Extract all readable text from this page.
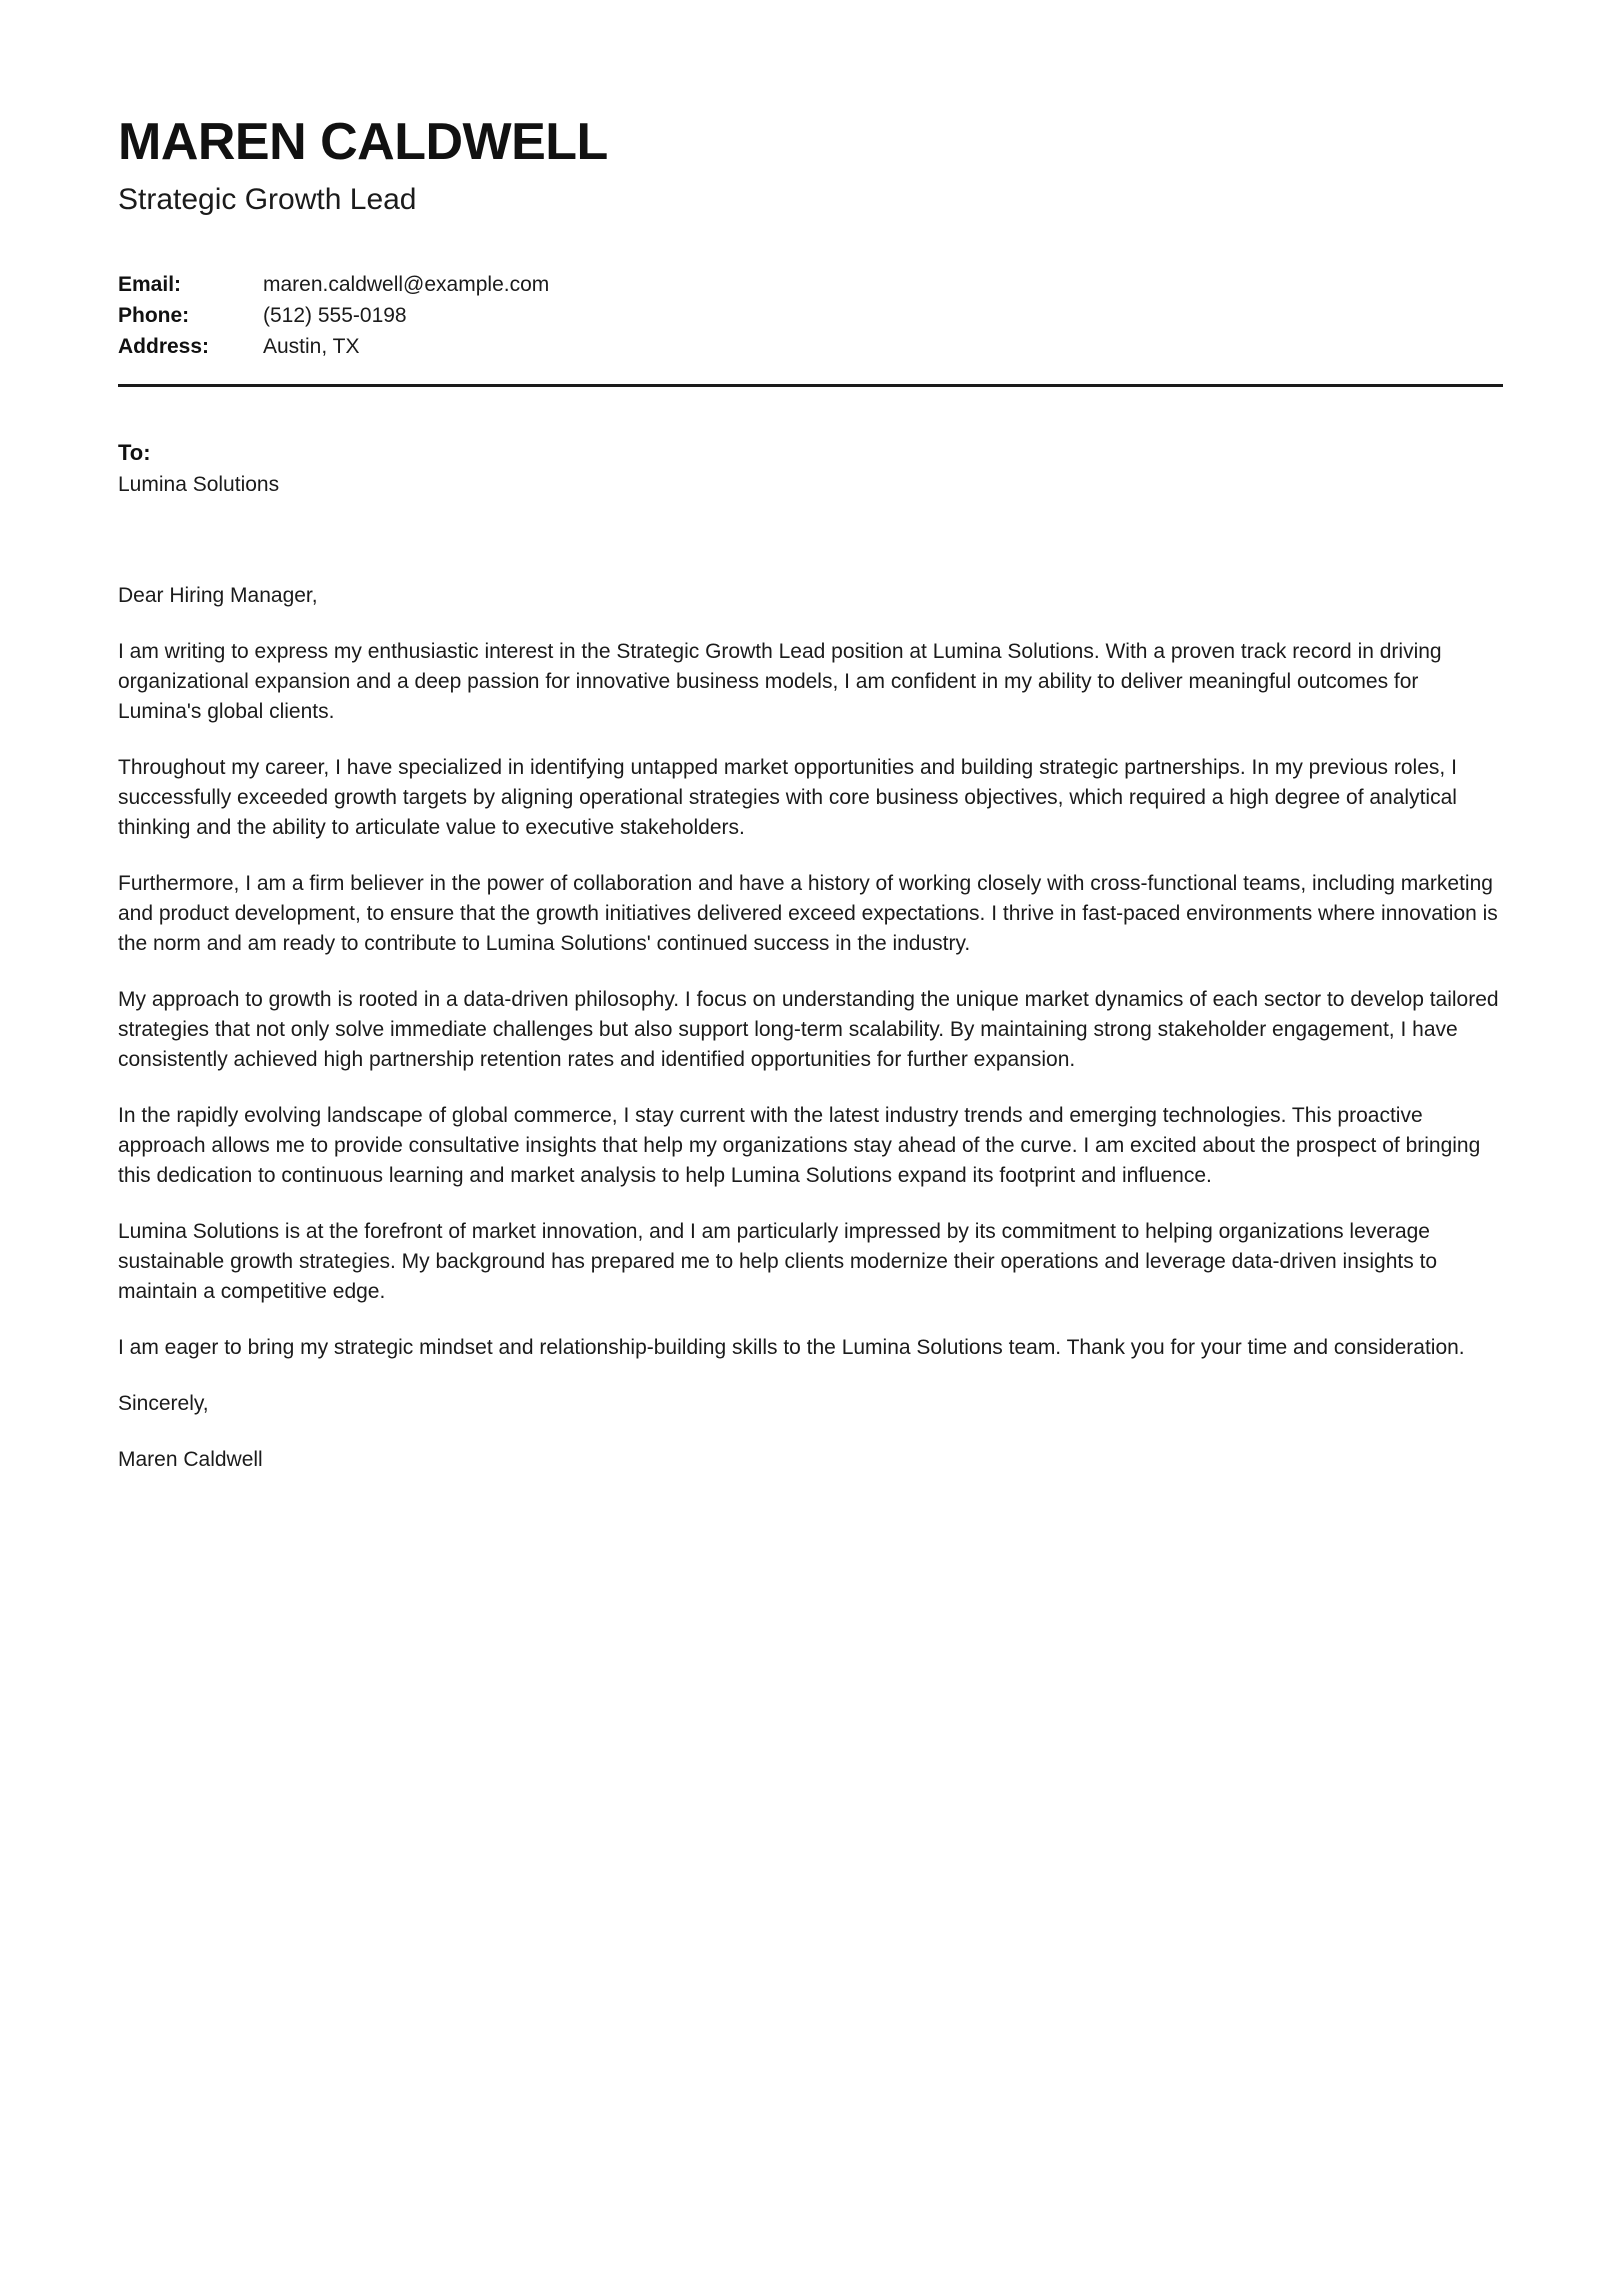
MAREN CALDWELL
Strategic Growth Lead
Email:	maren.caldwell@example.com
Phone:	(512) 555-0198
Address:	Austin, TX
To:
Lumina Solutions

Dear Hiring Manager,

I am writing to express my enthusiastic interest in the Strategic Growth Lead position at Lumina Solutions. With a proven track record in driving organizational expansion and a deep passion for innovative business models, I am confident in my ability to deliver meaningful outcomes for Lumina's global clients.

Throughout my career, I have specialized in identifying untapped market opportunities and building strategic partnerships. In my previous roles, I successfully exceeded growth targets by aligning operational strategies with core business objectives, which required a high degree of analytical thinking and the ability to articulate value to executive stakeholders.

Furthermore, I am a firm believer in the power of collaboration and have a history of working closely with cross-functional teams, including marketing and product development, to ensure that the growth initiatives delivered exceed expectations. I thrive in fast-paced environments where innovation is the norm and am ready to contribute to Lumina Solutions' continued success in the industry.

My approach to growth is rooted in a data-driven philosophy. I focus on understanding the unique market dynamics of each sector to develop tailored strategies that not only solve immediate challenges but also support long-term scalability. By maintaining strong stakeholder engagement, I have consistently achieved high partnership retention rates and identified opportunities for further expansion.

In the rapidly evolving landscape of global commerce, I stay current with the latest industry trends and emerging technologies. This proactive approach allows me to provide consultative insights that help my organizations stay ahead of the curve. I am excited about the prospect of bringing this dedication to continuous learning and market analysis to help Lumina Solutions expand its footprint and influence.

Lumina Solutions is at the forefront of market innovation, and I am particularly impressed by its commitment to helping organizations leverage sustainable growth strategies. My background has prepared me to help clients modernize their operations and leverage data-driven insights to maintain a competitive edge.

I am eager to bring my strategic mindset and relationship-building skills to the Lumina Solutions team. Thank you for your time and consideration.

Sincerely,

Maren Caldwell
